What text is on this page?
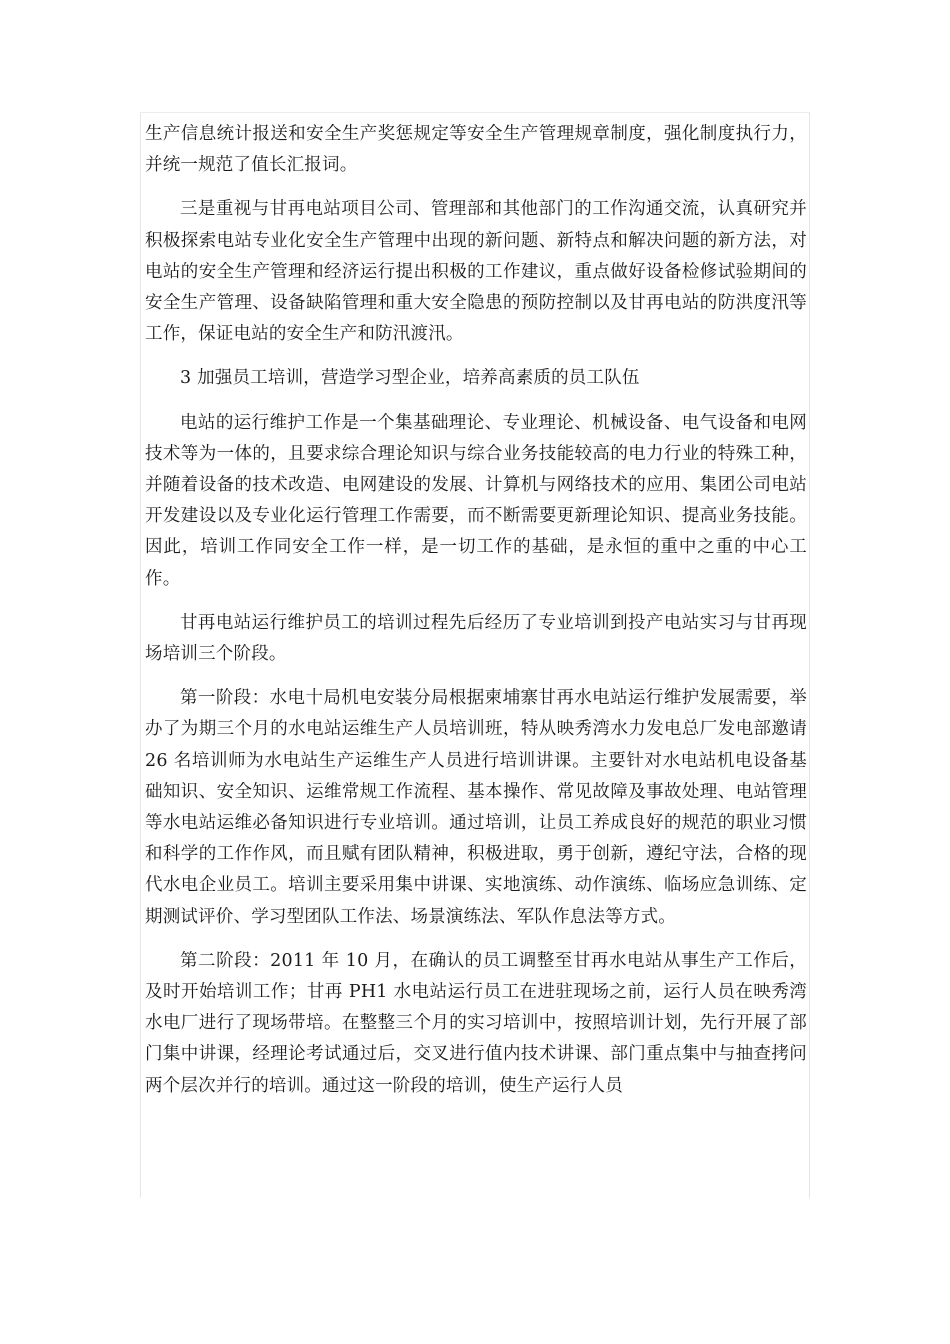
生产信息统计报送和安全生产奖惩规定等安全生产管理规章制度，强化制度执行力，并统一规范了值长汇报词。

三是重视与甘再电站项目公司、管理部和其他部门的工作沟通交流，认真研究并积极探索电站专业化安全生产管理中出现的新问题、新特点和解决问题的新方法，对电站的安全生产管理和经济运行提出积极的工作建议，重点做好设备检修试验期间的安全生产管理、设备缺陷管理和重大安全隐患的预防控制以及甘再电站的防洪度汛等工作，保证电站的安全生产和防汛渡汛。

3 加强员工培训，营造学习型企业，培养高素质的员工队伍

电站的运行维护工作是一个集基础理论、专业理论、机械设备、电气设备和电网技术等为一体的，且要求综合理论知识与综合业务技能较高的电力行业的特殊工种，并随着设备的技术改造、电网建设的发展、计算机与网络技术的应用、集团公司电站开发建设以及专业化运行管理工作需要，而不断需要更新理论知识、提高业务技能。因此，培训工作同安全工作一样，是一切工作的基础，是永恒的重中之重的中心工作。

甘再电站运行维护员工的培训过程先后经历了专业培训到投产电站实习与甘再现场培训三个阶段。

第一阶段：水电十局机电安装分局根据柬埔寨甘再水电站运行维护发展需要，举办了为期三个月的水电站运维生产人员培训班，特从映秀湾水力发电总厂发电部邀请 26 名培训师为水电站生产运维生产人员进行培训讲课。主要针对水电站机电设备基础知识、安全知识、运维常规工作流程、基本操作、常见故障及事故处理、电站管理等水电站运维必备知识进行专业培训。通过培训，让员工养成良好的规范的职业习惯和科学的工作作风，而且赋有团队精神，积极进取，勇于创新，遵纪守法，合格的现代水电企业员工。培训主要采用集中讲课、实地演练、动作演练、临场应急训练、定期测试评价、学习型团队工作法、场景演练法、军队作息法等方式。

第二阶段：2011 年 10 月，在确认的员工调整至甘再水电站从事生产工作后，及时开始培训工作；甘再 PH1 水电站运行员工在进驻现场之前，运行人员在映秀湾水电厂进行了现场带培。在整整三个月的实习培训中，按照培训计划，先行开展了部门集中讲课，经理论考试通过后，交叉进行值内技术讲课、部门重点集中与抽查拷问两个层次并行的培训。通过这一阶段的培训，使生产运行人员
